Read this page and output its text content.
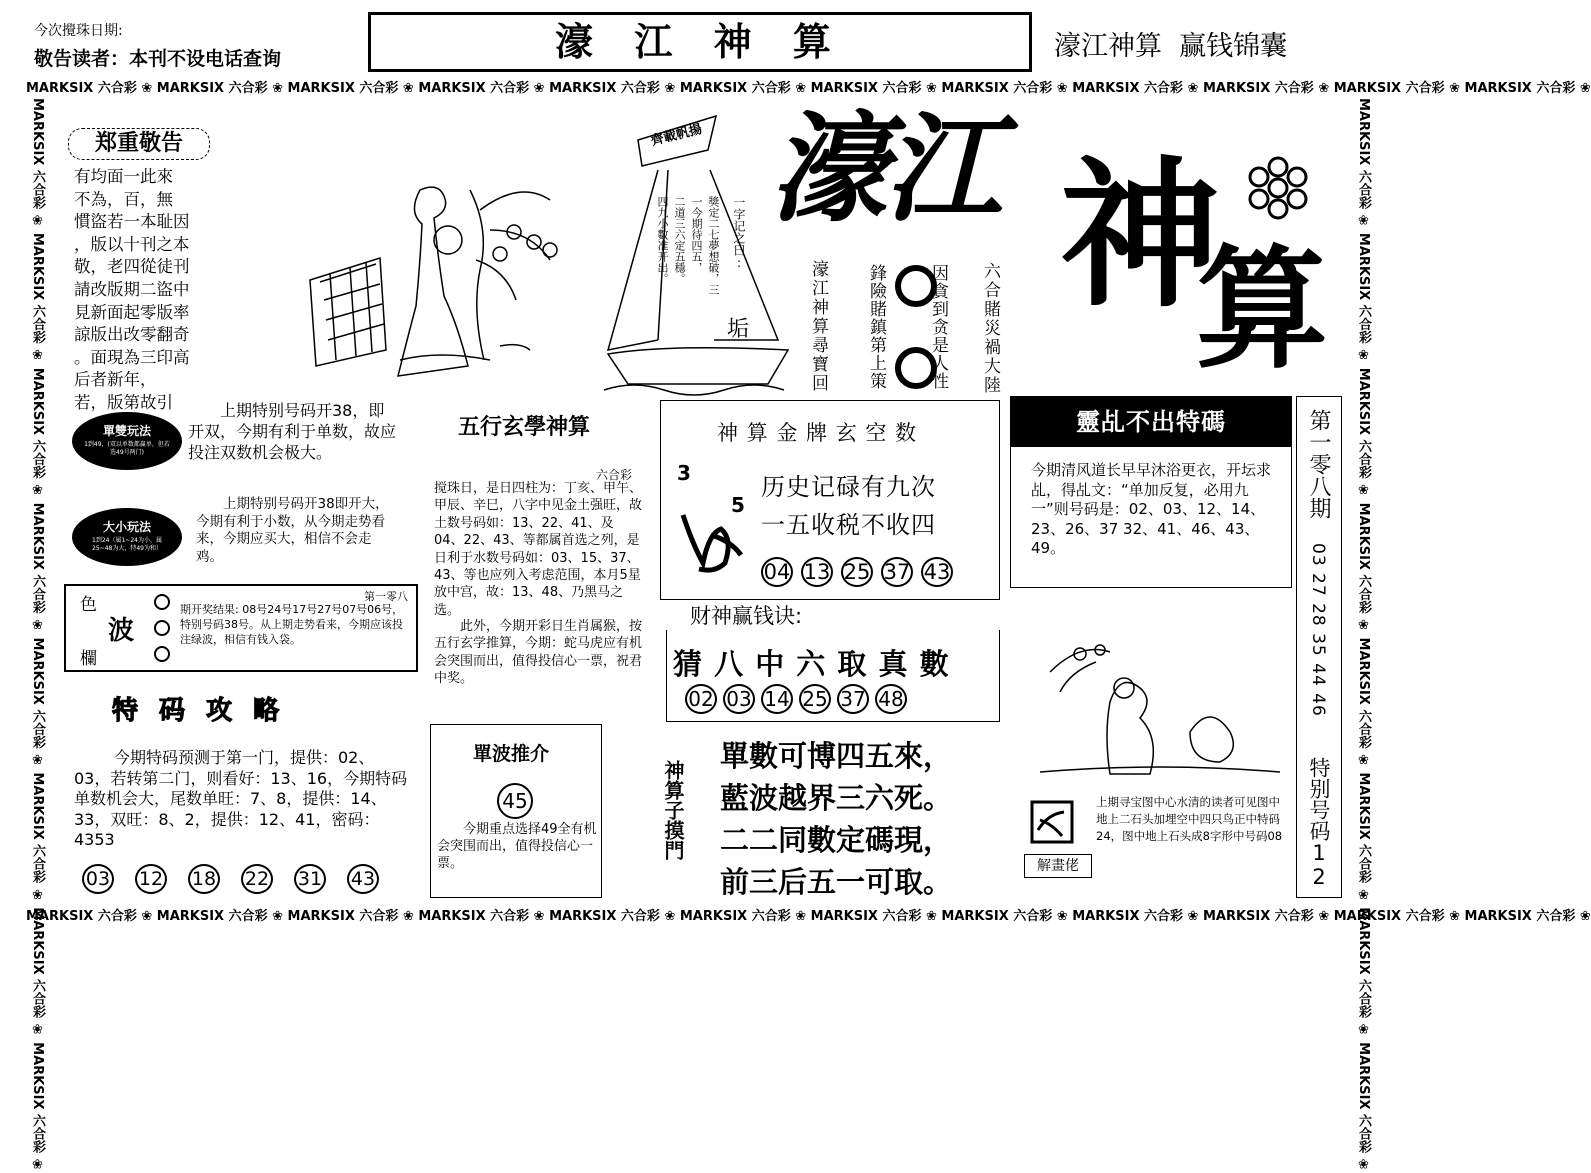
今次攪珠日期:
敬告读者：本刊不设电话查询	濠 江 神 算	濠江神算  赢钱锦囊
MARKSIX 六合彩 ❀ MARKSIX 六合彩 ❀ MARKSIX 六合彩 ❀ MARKSIX 六合彩 ❀ MARKSIX 六合彩 ❀ MARKSIX 六合彩 ❀ MARKSIX 六合彩 ❀ MARKSIX 六合彩 ❀ MARKSIX 六合彩 ❀ MARKSIX 六合彩 ❀ MARKSIX 六合彩 ❀ MARKSIX 六合彩 ❀
MARKSIX 六合彩 ❀ MARKSIX 六合彩 ❀ MARKSIX 六合彩 ❀ MARKSIX 六合彩 ❀ MARKSIX 六合彩 ❀ MARKSIX 六合彩 ❀ MARKSIX 六合彩 ❀ MARKSIX 六合彩 ❀ MARKSIX 六合彩 ❀ MARKSIX 六合彩 ❀ MARKSIX 六合彩 ❀ MARKSIX 六合彩 ❀
MARKSIX 六合彩 ❀ MARKSIX 六合彩 ❀ MARKSIX 六合彩 ❀ MARKSIX 六合彩 ❀ MARKSIX 六合彩 ❀ MARKSIX 六合彩 ❀ MARKSIX 六合彩 ❀ MARKSIX 六合彩 ❀	MARKSIX 六合彩 ❀ MARKSIX 六合彩 ❀ MARKSIX 六合彩 ❀ MARKSIX 六合彩 ❀ MARKSIX 六合彩 ❀ MARKSIX 六合彩 ❀ MARKSIX 六合彩 ❀ MARKSIX 六合彩 ❀
郑重敬告
有均面一此來
不為，百，無
慣盜若一本耻因
，版以十刊之本
敬，老四從徒刊
請改版期二盜中
見新面起零版率
諒版出改零翻奇
。面現為三印高
后者新年，
若，版第故引
齊載帆揚
一字记之曰:
垢
獎定二七夢想破，三
一今期待四五，
二道三六定五穩。
四九小數准开出。
濠江 神
算
濠江神算尋寶回 鋒險賭鎮第上策 因貪到贪是人性 六合賭災禍大陸
單雙玩法
1到49，(双以单数都赢单，但若选49号两门)
上期特别号码开38，即开双，今期有利于单数，故应投注双数机会极大。
大小玩法
1到24（属1~24为小，属25~48为大，特49为和）
上期特别号码开38即开大，今期有利于小数，从今期走势看来，今期应买大，相信不会走鸡。
色
波
欄

第一零八
期开奖结果: 08号24号17号27号07号06号，特别号码38号。从上期走势看来，今期应该投注绿波，相信有钱入袋。
特 码 攻 略
今期特码预测于第一门，提供：02、03，若转第二门，则看好：13、16，今期特码单数机会大，尾数单旺：7、8，提供：14、33，双旺：8、2，提供：12、41，密码：4353
03 12 18 22 31 43
五行玄學神算
六合彩
搅珠日，是日四柱为：丁亥、甲午、甲辰、辛巳，八字中见金土强旺，故土数号码如：13、22、41、及04、22、43、等都属首选之列，是日利于水数号码如：03、15、37、43、等也应列入考虑范围，本月5星放中宫，故：13、48、乃黑马之选。
此外，今期开彩日生肖属猴，按五行玄学推算，今期：蛇马虎应有机会突围而出，值得投信心一票，祝君中奖。
單波推介
45
今期重点选择49全有机会突围而出，值得投信心一票。
神 算 金 牌 玄 空 数
3
5
历史记碌有九次
一五收税不收四
04 13 25 37 43
财神赢钱诀:
猜 八 中 六 取 真 數
02 03 14 25 37 48
神算子摸門
單數可博四五來，
藍波越界三六死。
二二同數定碼現，
前三后五一可取。
靈乩不出特碼
今期清风道长早早沐浴更衣，开坛求乩，得乩文：“单加反复，必用九一”则号码是：02、03、12、14、23、26、37 32、41、46、43、49。
第一零八期
03 27 28 35 44 46
特别号码12
解畫佬
上期寻宝图中心水清的读者可见图中地上二石头加埋空中四只鸟正中特码24，图中地上石头成8字形中号码08
